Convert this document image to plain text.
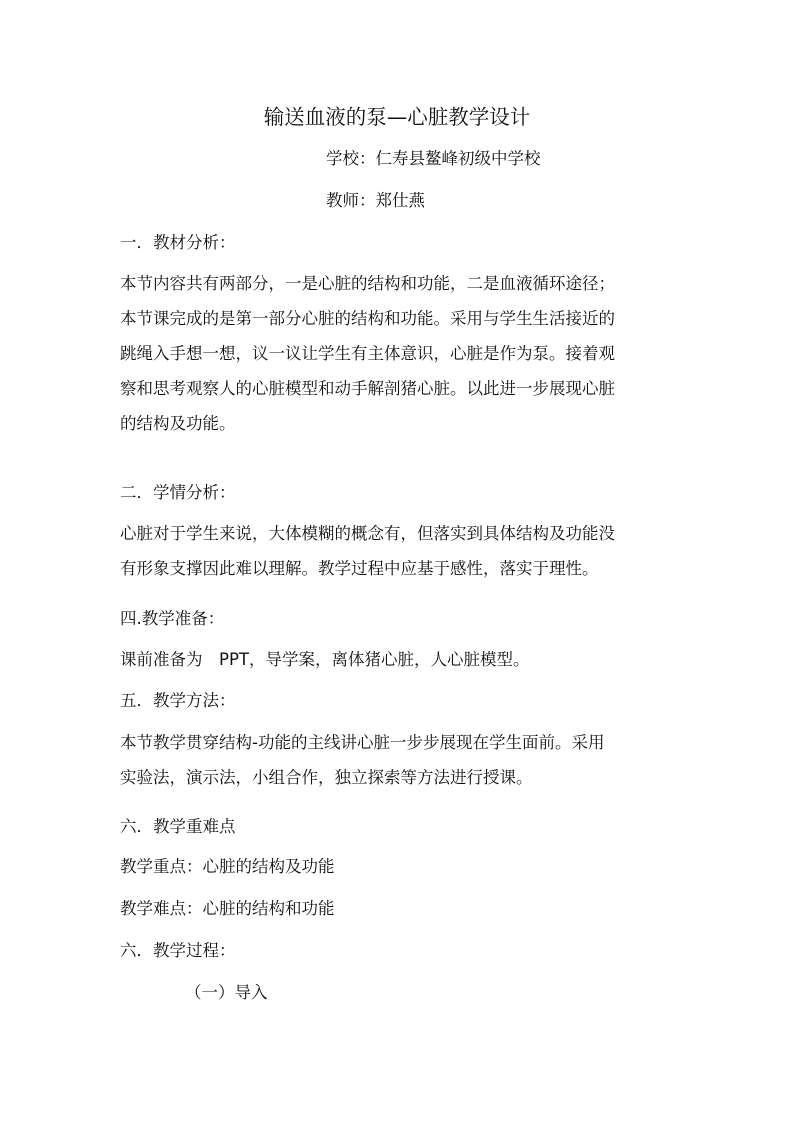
输送血液的泵—心脏教学设计
学校：仁寿县鳌峰初级中学校
教师：郑仕燕
一．教材分析：
本节内容共有两部分，一是心脏的结构和功能，二是血液循环途径；
本节课完成的是第一部分心脏的结构和功能。采用与学生生活接近的
跳绳入手想一想，议一议让学生有主体意识，心脏是作为泵。接着观
察和思考观察人的心脏模型和动手解剖猪心脏。以此进一步展现心脏
的结构及功能。
二．学情分析：
心脏对于学生来说，大体模糊的概念有，但落实到具体结构及功能没
有形象支撑因此难以理解。教学过程中应基于感性，落实于理性。
四.教学准备：
课前准备为　PPT，导学案，离体猪心脏，人心脏模型。
五．教学方法：
本节教学贯穿结构-功能的主线讲心脏一步步展现在学生面前。采用
实验法，演示法，小组合作，独立探索等方法进行授课。
六．教学重难点
教学重点：心脏的结构及功能
教学难点：心脏的结构和功能
六．教学过程：
（一）导入
